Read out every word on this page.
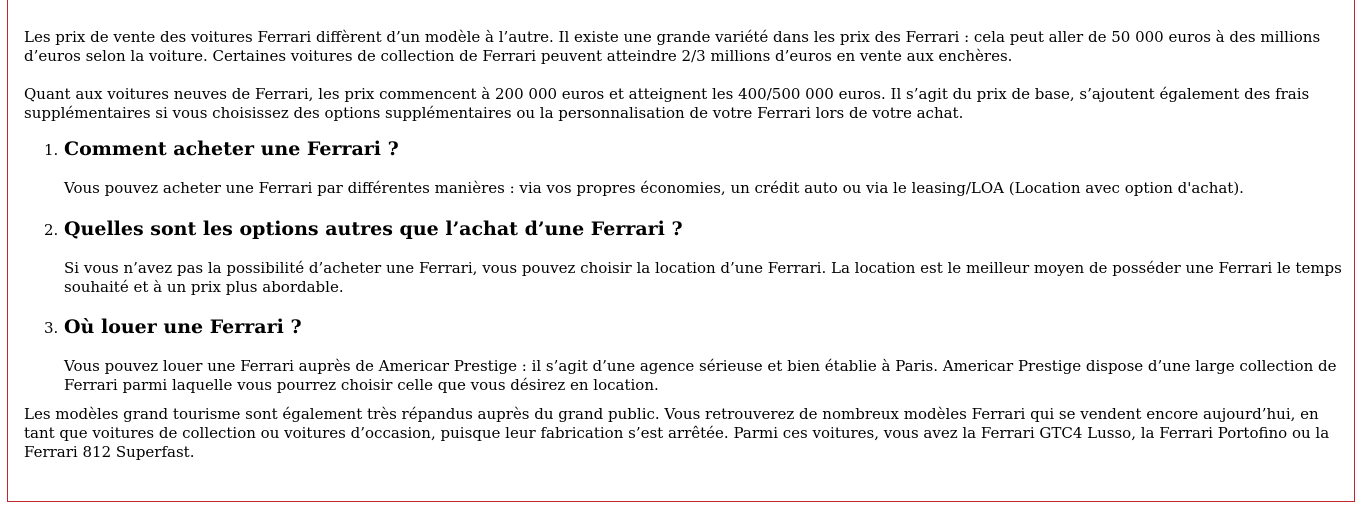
Les prix de vente des voitures Ferrari diffèrent d’un modèle à l’autre. Il existe une grande variété dans les prix des Ferrari : cela peut aller de 50 000 euros à des millions d’euros selon la voiture. Certaines voitures de collection de Ferrari peuvent atteindre 2/3 millions d’euros en vente aux enchères.

Quant aux voitures neuves de Ferrari, les prix commencent à 200 000 euros et atteignent les 400/500 000 euros. Il s’agit du prix de base, s’ajoutent également des frais supplémentaires si vous choisissez des options supplémentaires ou la personnalisation de votre Ferrari lors de votre achat.

1. Comment acheter une Ferrari ?

Vous pouvez acheter une Ferrari par différentes manières : via vos propres économies, un crédit auto ou via le leasing/LOA (Location avec option d'achat).

2. Quelles sont les options autres que l’achat d’une Ferrari ?

Si vous n’avez pas la possibilité d’acheter une Ferrari, vous pouvez choisir la location d’une Ferrari. La location est le meilleur moyen de posséder une Ferrari le temps souhaité et à un prix plus abordable.

3. Où louer une Ferrari ?

Vous pouvez louer une Ferrari auprès de Americar Prestige : il s’agit d’une agence sérieuse et bien établie à Paris. Americar Prestige dispose d’une large collection de Ferrari parmi laquelle vous pourrez choisir celle que vous désirez en location.

Les modèles grand tourisme sont également très répandus auprès du grand public. Vous retrouverez de nombreux modèles Ferrari qui se vendent encore aujourd’hui, en tant que voitures de collection ou voitures d’occasion, puisque leur fabrication s’est arrêtée. Parmi ces voitures, vous avez la Ferrari GTC4 Lusso, la Ferrari Portofino ou la Ferrari 812 Superfast.
